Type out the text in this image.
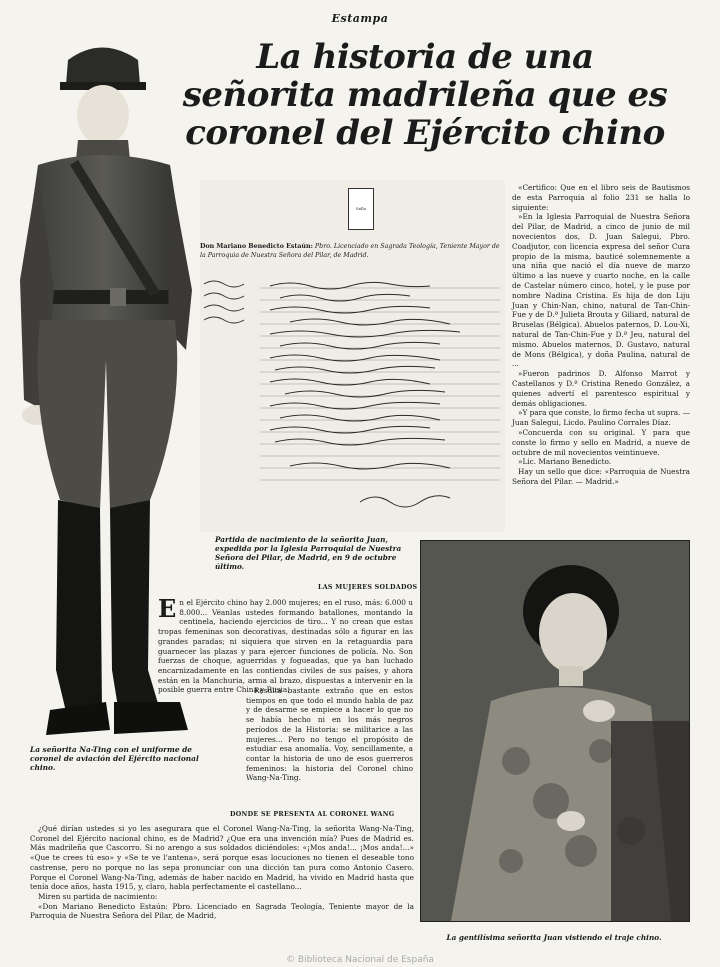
Estampa
La historia de una
señorita madrileña que es
coronel del Ejército chino
La señorita Na-Ting con el uniforme de coronel de aviación del Ejército nacional chino.
Sello
Don Mariano Benedicto Estaún: Pbro. Licenciado en Sagrada Teología, Teniente Mayor de la Parroquia de Nuestra Señora del Pilar, de Madrid.
Partida de nacimiento de la señorita Juan, expedida por la Iglesia Parroquial de Nuestra Señora del Pilar, de Madrid, en 9 de octubre último.

«Certifico: Que en el libro seis de Bautismos de esta Parroquia al folio 231 se halla lo siguiente:

»En la Iglesia Parroquial de Nuestra Señora del Pilar, de Madrid, a cinco de junio de mil novecientos dos, D. Juan Salegui, Pbro. Coadjutor, con licencia expresa del señor Cura propio de la misma, bauticé solemnemente a una niña que nació el día nueve de marzo último a las nueve y cuarto noche, en la calle de Castelar número cinco, hotel, y le puse por nombre Nadina Cristina. Es hija de don Liju Juan y Chin-Nan, chino, natural de Tan-Chin-Fue y de D.ª Julieta Brouta y Giliard, natural de Bruselas (Bélgica). Abuelos paternos, D. Lou-Xi, natural de Tan-Chin-Fue y D.ª Jeu, natural del mismo. Abuelos maternos, D. Gustavo, natural de Mons (Bélgica), y doña Paulina, natural de ...

»Fueron padrinos D. Alfonso Marrot y Castellanos y D.ª Cristina Renedo González, a quienes advertí el parentesco espiritual y demás obligaciones.

»Y para que conste, lo firmo fecha ut supra. — Juan Salegui, Licdo. Paulino Corrales Díaz.

»Concuerda con su original. Y para que conste lo firmo y sello en Madrid, a nueve de octubre de mil novecientos veintinueve.

»Lic. Mariano Benedicto.

Hay un sello que dice: «Parroquia de Nuestra Señora del Pilar. — Madrid.»

LAS MUJERES SOLDADOS

En el Ejército chino hay 2.000 mujeres; en el ruso, más: 6.000 u 8.000... Véanlas ustedes formando batallones, montando la centinela, haciendo ejercicios de tiro... Y no crean que estas tropas femeninas son decorativas, destinadas sólo a figurar en las grandes paradas; ni siquiera que sirven en la retaguardia para guarnecer las plazas y para ejercer funciones de policía. No. Son fuerzas de choque, aguerridas y fogueadas, que ya han luchado encarnizadamente en las contiendas civiles de sus países, y ahora están en la Manchuria, arma al brazo, dispuestas a intervenir en la posible guerra entre China y Rusia.

Resulta bastante extraño que en estos tiempos en que todo el mundo habla de paz y de desarme se empiece a hacer lo que no se había hecho ni en los más negros períodos de la Historia: se militarice a las mujeres... Pero no tengo el propósito de estudiar esa anomalía. Voy, sencillamente, a contar la historia de uno de esos guerreros femeninos: la historia del Coronel chino Wang-Na-Ting.

DONDE SE PRESENTA AL CORONEL WANG

¿Qué dirían ustedes si yo les asegurara que el Coronel Wang-Na-Ting, la señorita Wang-Na-Ting, Coronel del Ejército nacional chino, es de Madrid? ¿Que era una invención mía? Pues de Madrid es. Más madrileña que Cascorro. Si no arengo a sus soldados diciéndoles: «¡Mos anda!... ¡Mos anda!...» «Que te crees tú eso» y «Se te ve l'antena», será porque esas locuciones no tienen el deseable tono castrense, pero no porque no las sepa pronunciar con una dicción tan pura como Antonio Casero. Porque el Coronel Wang-Na-Ting, además de haber nacido en Madrid, ha vivido en Madrid hasta que tenía doce años, hasta 1915, y, claro, habla perfectamente el castellano...

Miren su partida de nacimiento:

«Don Mariano Benedicto Estaún: Pbro. Licenciado en Sagrada Teología, Teniente mayor de la Parroquia de Nuestra Señora del Pilar, de Madrid,

La gentilísima señorita Juan vistiendo el traje chino.
© Biblioteca Nacional de España
